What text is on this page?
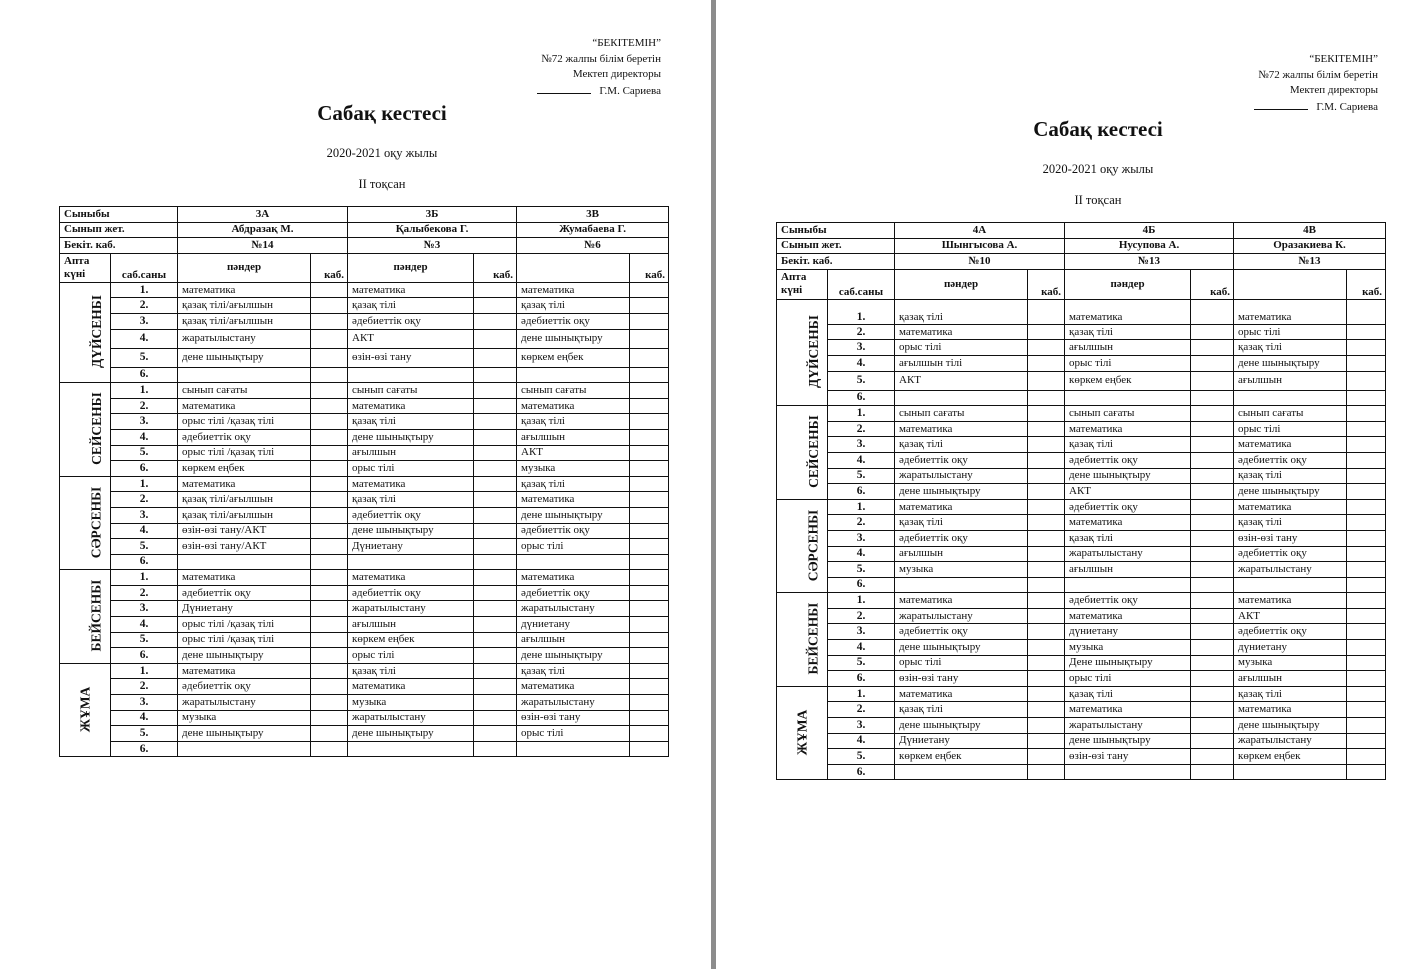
“БЕКІТЕМІН”
№72 жалпы білім беретін
Мектеп директоры
Г.М. Сариева
Сабақ кестесі
2020-2021 оқу жылы
ІІ тоқсан
Сыныбы		3А		3Б		3В	
Сынып жет.		Абдразақ М.		Қалыбекова Г.		Жумабаева Г.	
Бекіт. каб.		№14		№3		№6	
Апта күні	саб.саны	пәндер	каб.	пәндер	каб.		каб.
ДҮЙСЕНБІ	1.	математика		математика		математика	
	2.	қазақ тілі/ағылшын		қазақ тілі		қазақ тілі	
	3.	қазақ тілі/ағылшын		әдебиеттік оқу		әдебиеттік оқу	
	4.	жаратылыстану		АКТ		дене шынықтыру	
	5.	дене шынықтыру		өзін-өзі тану		көркем еңбек	
	6.						
СЕЙСЕНБІ	1.	сынып сағаты		сынып сағаты		сынып сағаты	
	2.	математика		математика		математика	
	3.	орыс тілі /қазақ тілі		қазақ тілі		қазақ тілі	
	4.	әдебиеттік оқу		дене шынықтыру		ағылшын	
	5.	орыс тілі /қазақ тілі		ағылшын		АКТ	
	6.	көркем еңбек		орыс тілі		музыка	
СӘРСЕНБІ	1.	математика		математика		қазақ тілі	
	2.	қазақ тілі/ағылшын		қазақ тілі		математика	
	3.	қазақ тілі/ағылшын		әдебиеттік оқу		дене шынықтыру	
	4.	өзін-өзі тану/АКТ		дене шынықтыру		әдебиеттік оқу	
	5.	өзін-өзі тану/АКТ		Дүниетану		орыс тілі	
	6.						
БЕЙСЕНБІ	1.	математика		математика		математика	
	2.	әдебиеттік оқу		әдебиеттік оқу		әдебиеттік оқу	
	3.	Дүниетану		жаратылыстану		жаратылыстану	
	4.	орыс тілі /қазақ тілі		ағылшын		дүниетану	
	5.	орыс тілі /қазақ тілі		көркем еңбек		ағылшын	
	6.	дене шынықтыру		орыс тілі		дене шынықтыру	
ЖҰМА	1.	математика		қазақ тілі		қазақ тілі	
	2.	әдебиеттік оқу		математика		математика	
	3.	жаратылыстану		музыка		жаратылыстану	
	4.	музыка		жаратылыстану		өзін-өзі тану	
	5.	дене шынықтыру		дене шынықтыру		орыс тілі	
	6.						
“БЕКІТЕМІН”
№72 жалпы білім беретін
Мектеп директоры
Г.М. Сариева
Сабақ кестесі
2020-2021 оқу жылы
ІІ тоқсан
Сыныбы		4А		4Б		4В	
Сынып жет.		Шынгысова А.		Нусупова А.		Оразакиева К.	
Бекіт. каб.		№10		№13		№13	
Апта күні	саб.саны	пәндер	каб.	пәндер	каб.		каб.
ДҮЙСЕНБІ	1.	қазақ тілі		математика		математика	
	2.	математика		қазақ тілі		орыс тілі	
	3.	орыс тілі		ағылшын		қазақ тілі	
	4.	ағылшын тілі		орыс тілі		дене шынықтыру	
	5.	АКТ		көркем еңбек		ағылшын	
	6.						
СЕЙСЕНБІ	1.	сынып сағаты		сынып сағаты		сынып сағаты	
	2.	математика		математика		орыс тілі	
	3.	қазақ тілі		қазақ тілі		математика	
	4.	әдебиеттік оқу		әдебиеттік оқу		әдебиеттік оқу	
	5.	жаратылыстану		дене шынықтыру		қазақ тілі	
	6.	дене шынықтыру		АКТ		дене шынықтыру	
СӘРСЕНБІ	1.	математика		әдебиеттік оқу		математика	
	2.	қазақ тілі		математика		қазақ тілі	
	3.	әдебиеттік оқу		қазақ тілі		өзін-өзі тану	
	4.	ағылшын		жаратылыстану		әдебиеттік оқу	
	5.	музыка		ағылшын		жаратылыстану	
	6.						
БЕЙСЕНБІ	1.	математика		әдебиеттік оқу		математика	
	2.	жаратылыстану		математика		АКТ	
	3.	әдебиеттік оқу		дүниетану		әдебиеттік оқу	
	4.	дене шынықтыру		музыка		дүниетану	
	5.	орыс тілі		Дене шынықтыру		музыка	
	6.	өзін-өзі тану		орыс тілі		ағылшын	
ЖҰМА	1.	математика		қазақ тілі		қазақ тілі	
	2.	қазақ тілі		математика		математика	
	3.	дене шынықтыру		жаратылыстану		дене шынықтыру	
	4.	Дүниетану		дене шынықтыру		жаратылыстану	
	5.	көркем еңбек		өзін-өзі тану		көркем еңбек	
	6.						
